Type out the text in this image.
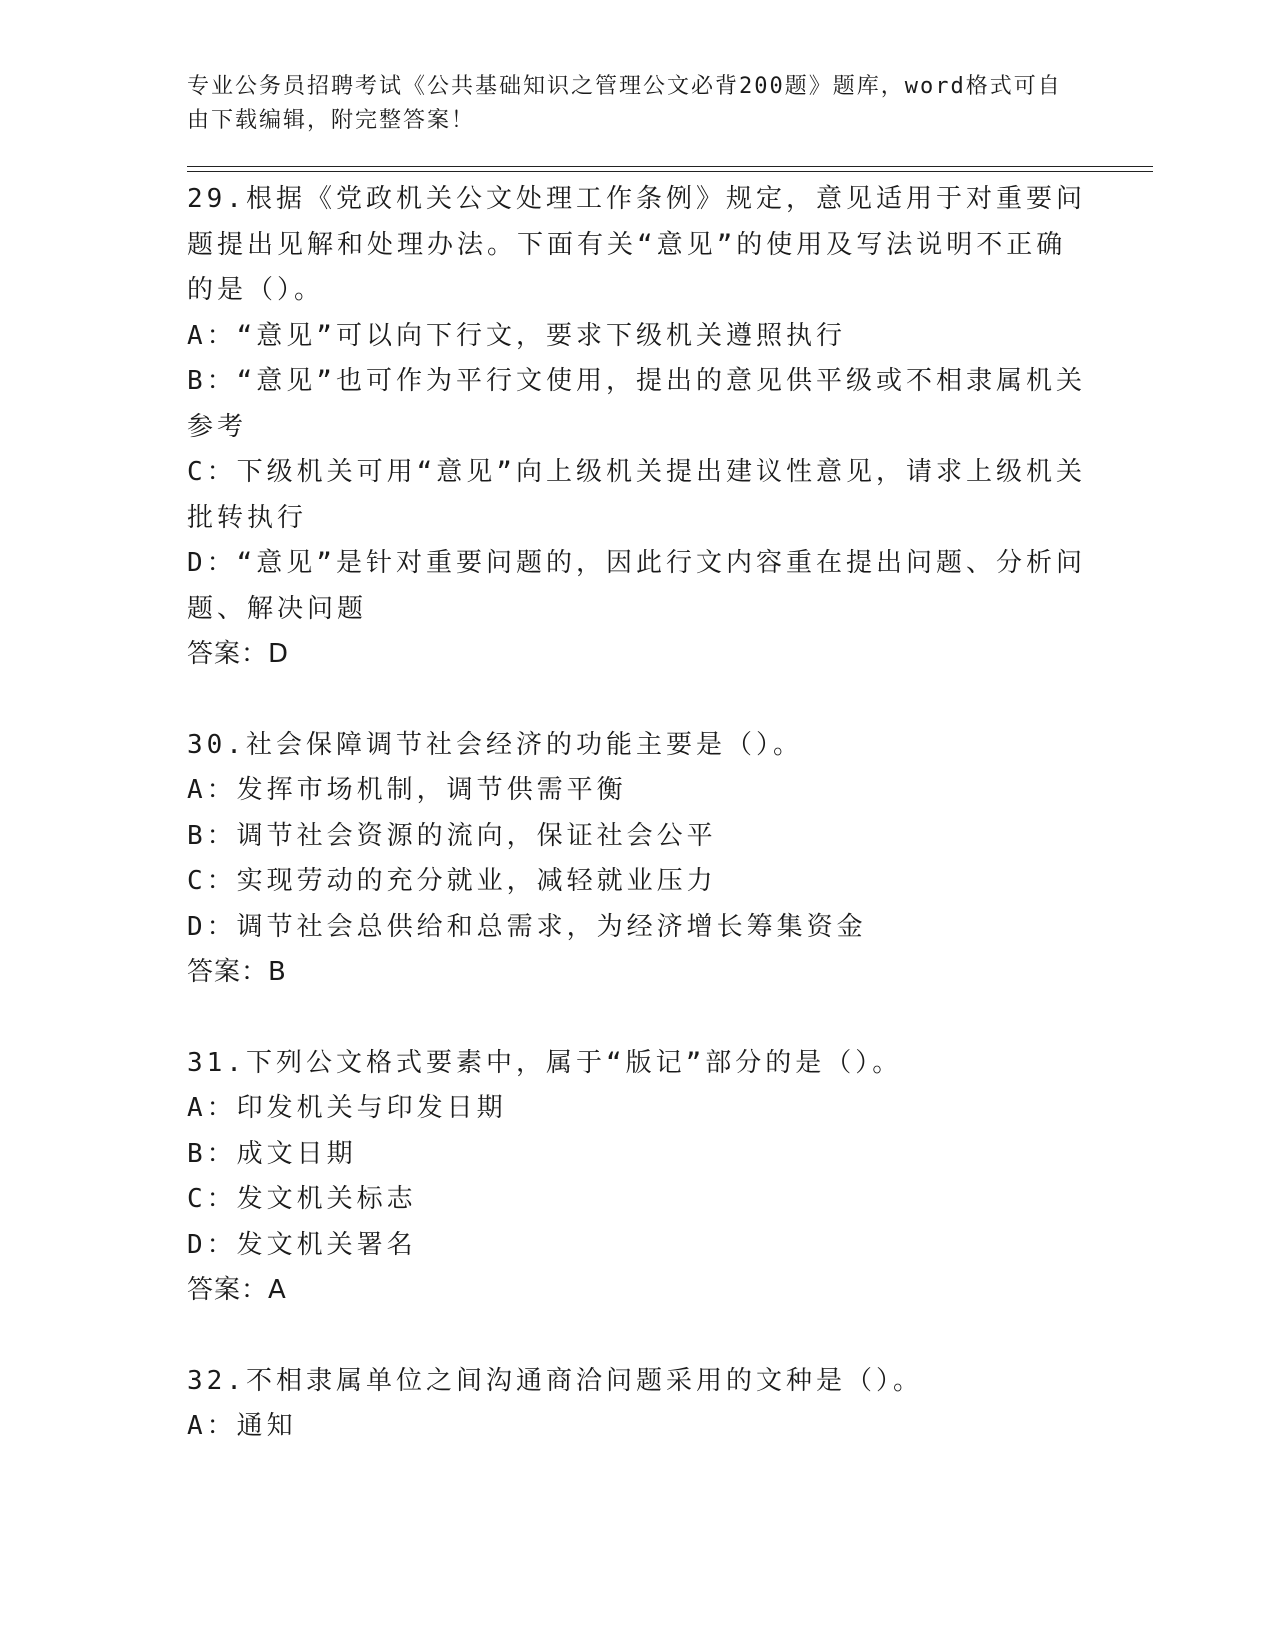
专业公务员招聘考试《公共基础知识之管理公文必背200题》题库，word格式可自由下载编辑，附完整答案！
29.根据《党政机关公文处理工作条例》规定，意见适用于对重要问题提出见解和处理办法。下面有关“意见”的使用及写法说明不正确的是（）。
A：“意见”可以向下行文，要求下级机关遵照执行
B：“意见”也可作为平行文使用，提出的意见供平级或不相隶属机关参考
C：下级机关可用“意见”向上级机关提出建议性意见，请求上级机关批转执行
D：“意见”是针对重要问题的，因此行文内容重在提出问题、分析问题、解决问题
答案：D
30.社会保障调节社会经济的功能主要是（）。
A：发挥市场机制，调节供需平衡
B：调节社会资源的流向，保证社会公平
C：实现劳动的充分就业，减轻就业压力
D：调节社会总供给和总需求，为经济增长筹集资金
答案：B
31.下列公文格式要素中，属于“版记”部分的是（）。
A：印发机关与印发日期
B：成文日期
C：发文机关标志
D：发文机关署名
答案：A
32.不相隶属单位之间沟通商洽问题采用的文种是（）。
A：通知
